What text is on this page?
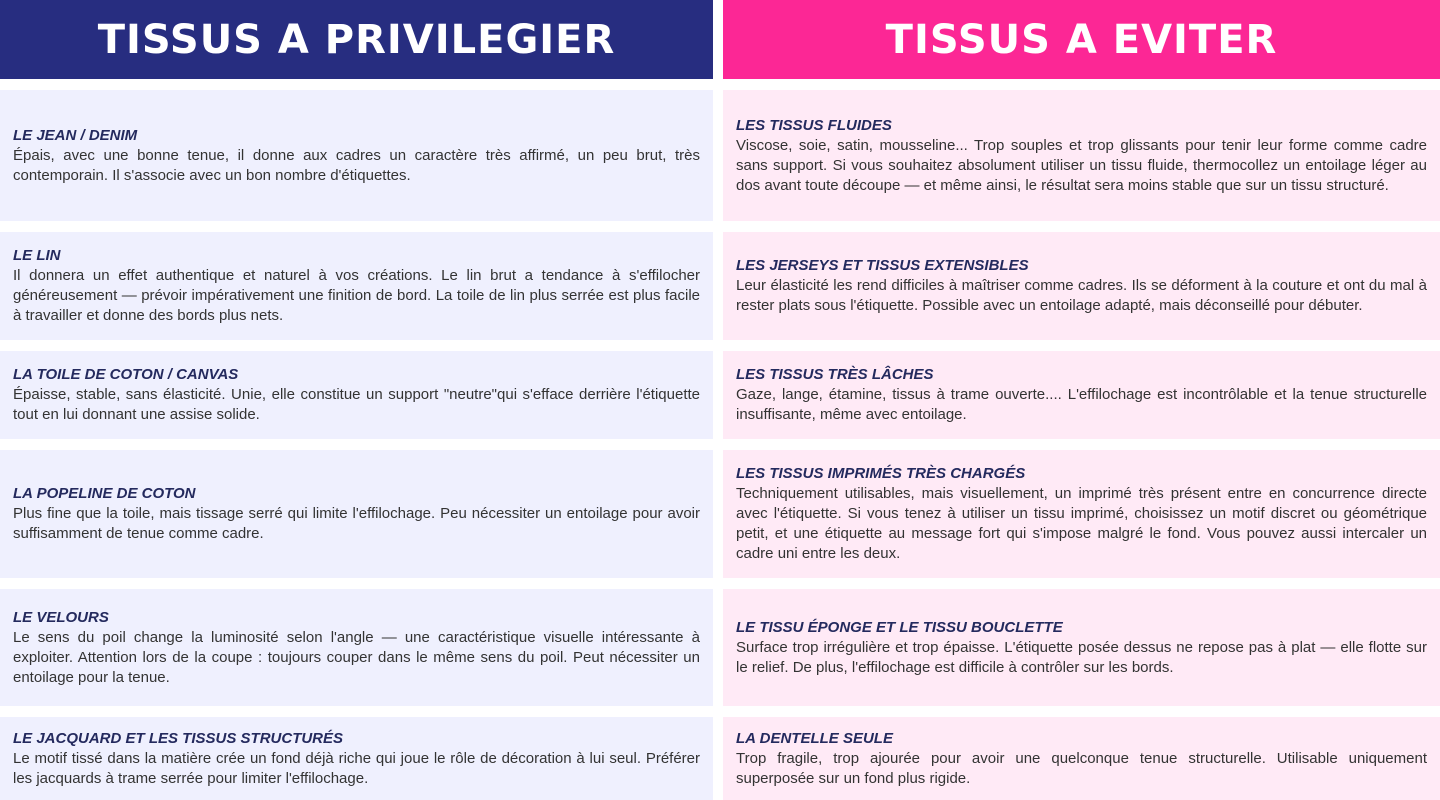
TISSUS A PRIVILEGIER	TISSUS A EVITER
LE JEAN / DENIM
Épais, avec une bonne tenue, il donne aux cadres un caractère très affirmé, un peu brut, très contemporain. Il s'associe avec un bon nombre d'étiquettes.
LE LIN
Il donnera un effet authentique et naturel à vos créations. Le lin brut a tendance à s'effilocher généreusement — prévoir impérativement une finition de bord. La toile de lin plus serrée est plus facile à travailler et donne des bords plus nets.
LA TOILE DE COTON / CANVAS
Épaisse, stable, sans élasticité. Unie, elle constitue un support "neutre"qui s'efface derrière l'étiquette tout en lui donnant une assise solide.
LA POPELINE DE COTON
Plus fine que la toile, mais tissage serré qui limite l'effilochage. Peu nécessiter un entoilage pour avoir suffisamment de tenue comme cadre.
LE VELOURS
Le sens du poil change la luminosité selon l'angle — une caractéristique visuelle intéressante à exploiter. Attention lors de la coupe : toujours couper dans le même sens du poil. Peut nécessiter un entoilage pour la tenue.
LE JACQUARD ET LES TISSUS STRUCTURÉS
Le motif tissé dans la matière crée un fond déjà riche qui joue le rôle de décoration à lui seul. Préférer les jacquards à trame serrée pour limiter l'effilochage.
LES TISSUS FLUIDES
Viscose, soie, satin, mousseline... Trop souples et trop glissants pour tenir leur forme comme cadre sans support. Si vous souhaitez absolument utiliser un tissu fluide, thermocollez un entoilage léger au dos avant toute découpe — et même ainsi, le résultat sera moins stable que sur un tissu structuré.
LES JERSEYS ET TISSUS EXTENSIBLES
Leur élasticité les rend difficiles à maîtriser comme cadres. Ils se déforment à la couture et ont du mal à rester plats sous l'étiquette. Possible avec un entoilage adapté, mais déconseillé pour débuter.
LES TISSUS TRÈS LÂCHES
Gaze, lange, étamine, tissus à trame ouverte.... L'effilochage est incontrôlable et la tenue structurelle insuffisante, même avec entoilage.
LES TISSUS IMPRIMÉS TRÈS CHARGÉS
Techniquement utilisables, mais visuellement, un imprimé très présent entre en concurrence directe avec l'étiquette. Si vous tenez à utiliser un tissu imprimé, choisissez un motif discret ou géométrique petit, et une étiquette au message fort qui s'impose malgré le fond. Vous pouvez aussi intercaler un cadre uni entre les deux.
LE TISSU ÉPONGE ET LE TISSU BOUCLETTE
Surface trop irrégulière et trop épaisse. L'étiquette posée dessus ne repose pas à plat — elle flotte sur le relief. De plus, l'effilochage est difficile à contrôler sur les bords.
LA DENTELLE SEULE
Trop fragile, trop ajourée pour avoir une quelconque tenue structurelle. Utilisable uniquement superposée sur un fond plus rigide.
